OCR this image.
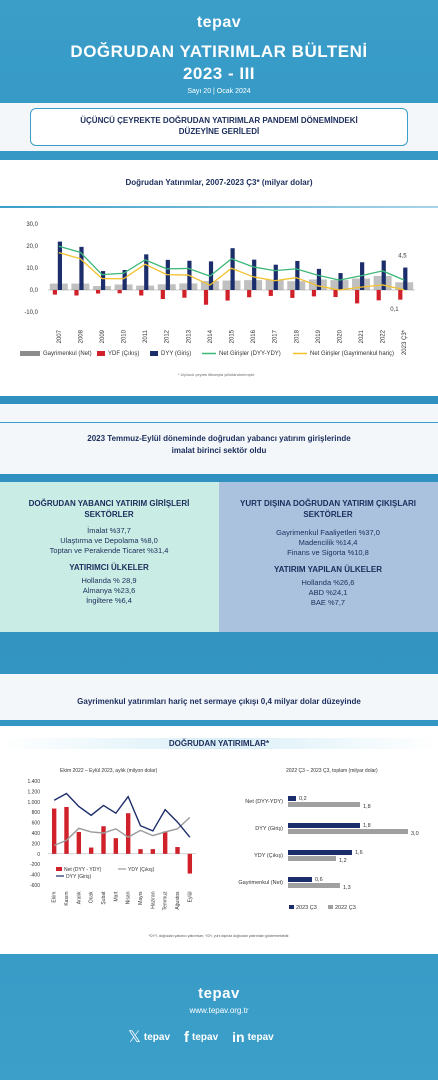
tepav
DOĞRUDAN YATIRIMLAR BÜLTENİ
2023 - III
Sayı 20 | Ocak 2024
ÜÇÜNCÜ ÇEYREKTE DOĞRUDAN YATIRIMLAR PANDEMİ DÖNEMİNDEKİ DÜZEYİNE GERİLEDİ
Doğrudan Yatırımlar, 2007-2023 Ç3* (milyar dolar)
30,0
20,0
10,0
0,0
-10,0
2007	2008	2009	2010	2011	2012	2013	2014	2015	2016	2017	2018	2019	2020	2021	2022	2023 Ç3*
4,5
0,1
Gayrimenkul (Net)	YDF (Çıkış)	DYY (Giriş)	Net Girişler (DYY-YDY)	Net Girişler (Gayrimenkul hariç)
* Üçüncü çeyrek itibarıyla yıllıklandırılmıştır.
2023 Temmuz-Eylül döneminde doğrudan yabancı yatırım girişlerinde imalat birinci sektör oldu
DOĞRUDAN YABANCI YATIRIM GİRİŞLERİ SEKTÖRLER
İmalat %37,7
Ulaştırma ve Depolama %8,0
Toptan ve Perakende Ticaret %31,4
YATIRIMCI ÜLKELER
Hollanda % 28,9
Almanya %23,6
İngiltere %6,4
YURT DIŞINA DOĞRUDAN YATIRIM ÇIKIŞLARI SEKTÖRLER
Gayrimenkul Faaliyetleri %37,0
Madencilik %14,4
Finans ve Sigorta %10,8
YATIRIM YAPILAN ÜLKELER
Hollanda %26,6
ABD %24,1
BAE %7,7
Gayrimenkul yatırımları hariç net sermaye çıkışı 0,4 milyar dolar düzeyinde
DOĞRUDAN YATIRIMLAR*
Ekim 2022 – Eylül 2023, aylık (milyon dolar)	2022 Ç3 – 2023 Ç3, toplam (milyar dolar)
1.400
1.200
1.000
800
600
400
200
0
-200
-400
-600
Ekim Kasım Aralık Ocak Şubat Mart Nisan Mayıs Haziran Temmuz Ağustos Eylül
Net (DYY - YDY)	YDY (Çıkış)
DYY (Giriş)
Net (DYY-YDY)	0,2
1,8
DYY (Giriş)	1,8
3,0
YDY (Çıkış)	1,6
1,2
Gayrimenkul (Net)	0,6
1,3
2023 Ç3	2022 Ç3
*DYY, doğrudan yabancı yatırımları; YDY, yurt dışında doğrudan yatırımları göstermektedir.
tepav
www.tepav.org.tr
𝕏 tepav f tepav in tepav
